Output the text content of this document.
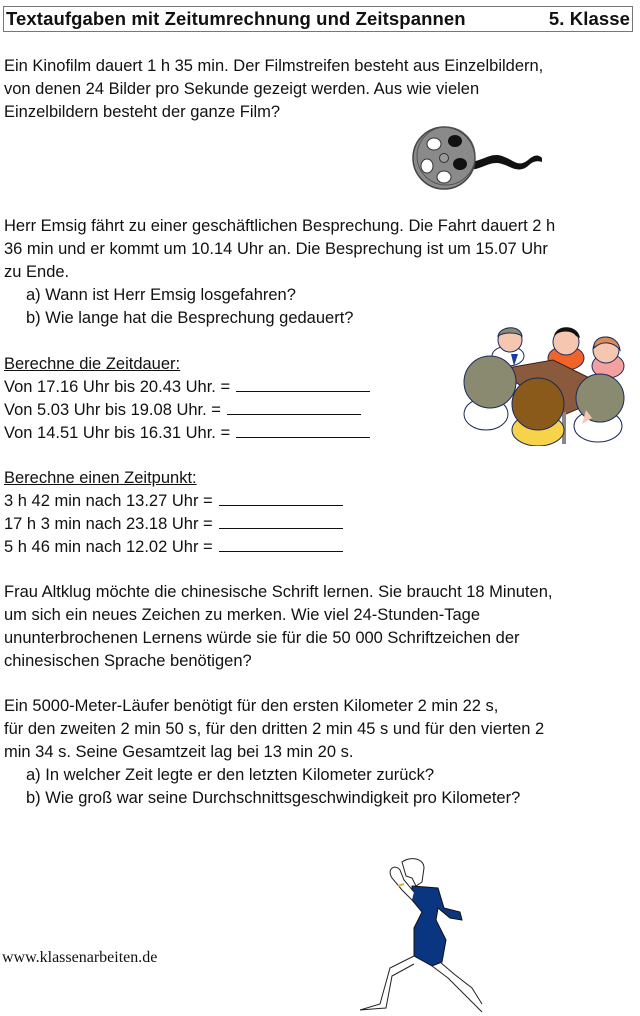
Textaufgaben mit Zeitumrechnung und Zeitspannen	5. Klasse

Ein Kinofilm dauert 1 h 35 min. Der Filmstreifen besteht aus Einzelbildern,

von denen 24 Bilder pro Sekunde gezeigt werden. Aus wie vielen

Einzelbildern besteht der ganze Film?

Herr Emsig fährt zu einer geschäftlichen Besprechung. Die Fahrt dauert 2 h

36 min und er kommt um 10.14 Uhr an. Die Besprechung ist um 15.07 Uhr

zu Ende.

a) Wann ist Herr Emsig losgefahren?

b) Wie lange hat die Besprechung gedauert?

Berechne die Zeitdauer:

Von 17.16 Uhr bis 20.43 Uhr. =

Von 5.03 Uhr bis 19.08 Uhr. =

Von 14.51 Uhr bis 16.31 Uhr. =

Berechne einen Zeitpunkt:

3 h 42 min nach 13.27 Uhr =

17 h 3 min nach 23.18 Uhr =

5 h 46 min nach 12.02 Uhr =

Frau Altklug möchte die chinesische Schrift lernen. Sie braucht 18 Minuten,

um sich ein neues Zeichen zu merken. Wie viel 24-Stunden-Tage

ununterbrochenen Lernens würde sie für die 50 000 Schriftzeichen der

chinesischen Sprache benötigen?

Ein 5000-Meter-Läufer benötigt für den ersten Kilometer 2 min 22 s,

für den zweiten 2 min 50 s, für den dritten 2 min 45 s und für den vierten 2

min 34 s. Seine Gesamtzeit lag bei 13 min 20 s.

a) In welcher Zeit legte er den letzten Kilometer zurück?

b) Wie groß war seine Durchschnittsgeschwindigkeit pro Kilometer?

www.klassenarbeiten.de
